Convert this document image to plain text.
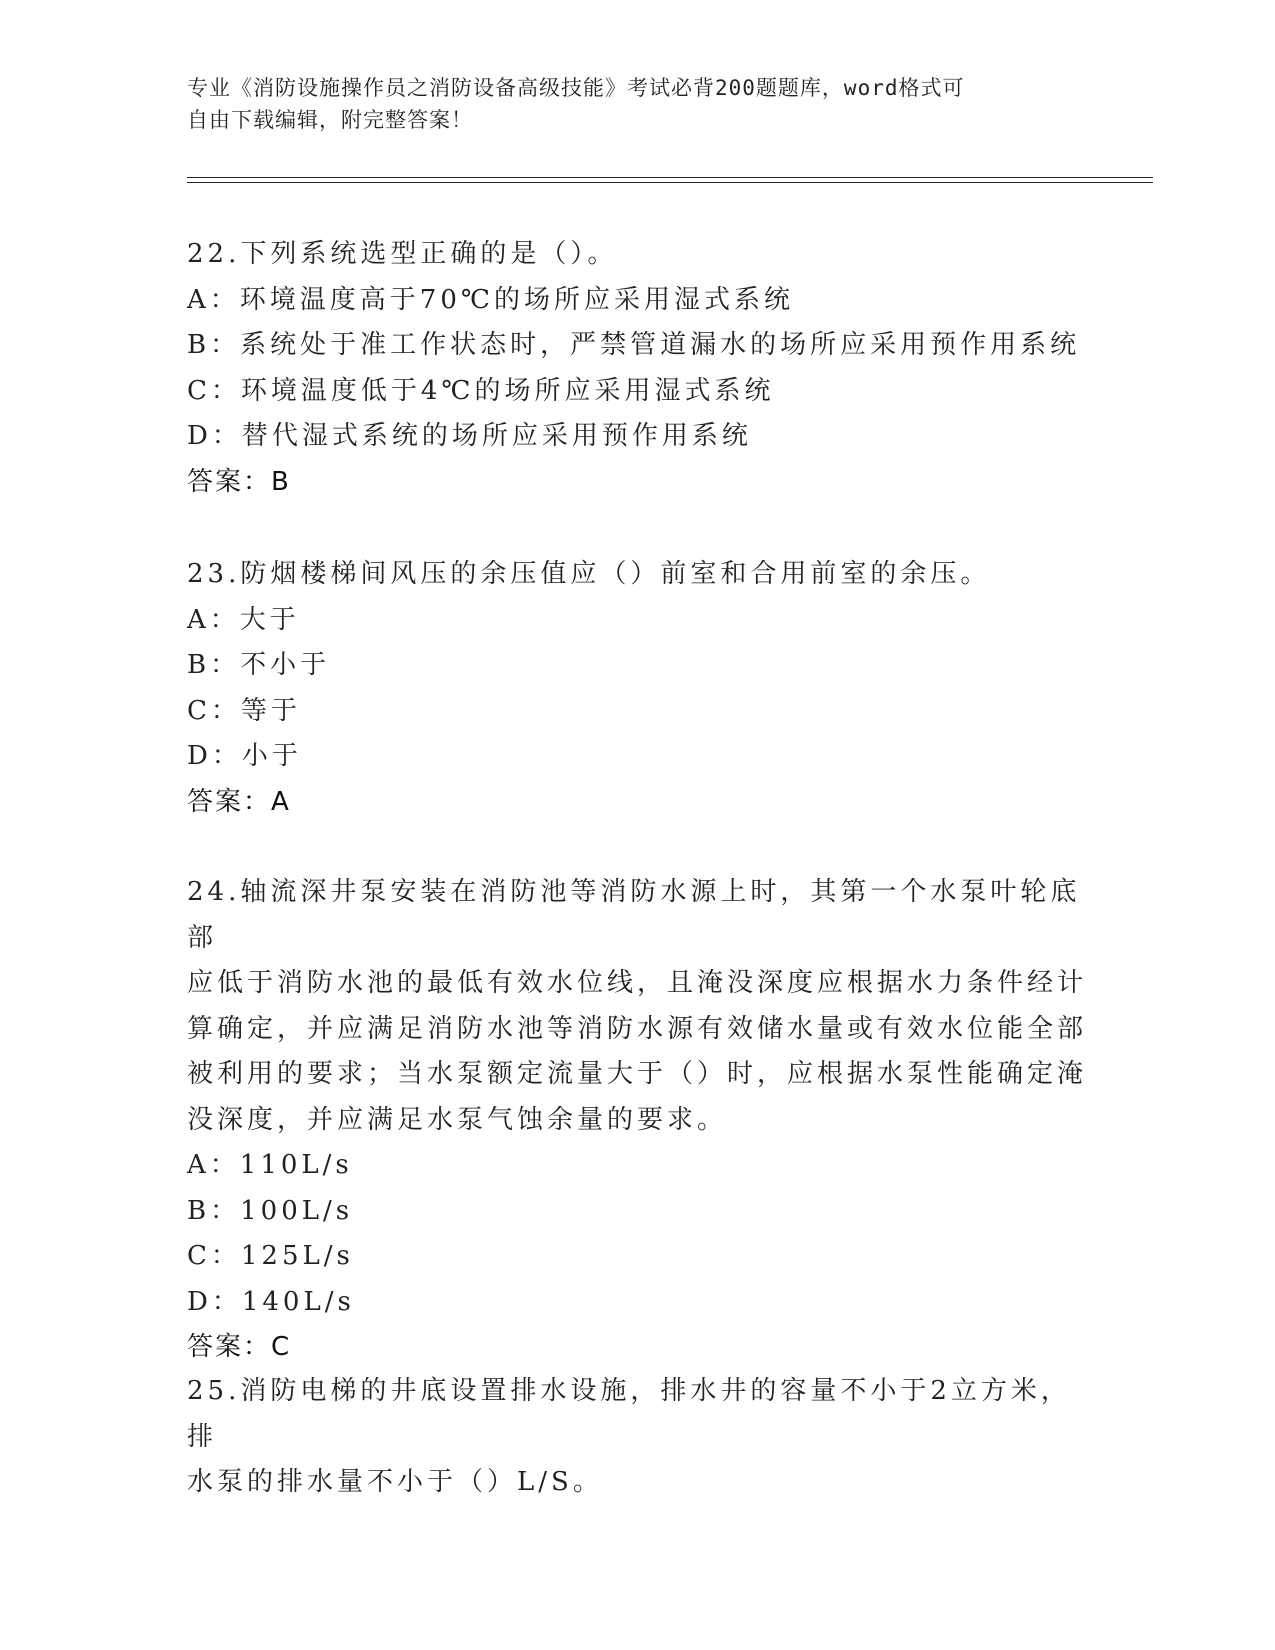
专业《消防设施操作员之消防设备高级技能》考试必背200题题库，word格式可
自由下载编辑，附完整答案！

22.下列系统选型正确的是（）。

A：环境温度高于70℃的场所应采用湿式系统

B：系统处于准工作状态时，严禁管道漏水的场所应采用预作用系统

C：环境温度低于4℃的场所应采用湿式系统

D：替代湿式系统的场所应采用预作用系统

答案：B

23.防烟楼梯间风压的余压值应（）前室和合用前室的余压。

A：大于

B：不小于

C：等于

D：小于

答案：A

24.轴流深井泵安装在消防池等消防水源上时，其第一个水泵叶轮底部

应低于消防水池的最低有效水位线，且淹没深度应根据水力条件经计

算确定，并应满足消防水池等消防水源有效储水量或有效水位能全部

被利用的要求；当水泵额定流量大于（）时，应根据水泵性能确定淹

没深度，并应满足水泵气蚀余量的要求。

A：110L/s

B：100L/s

C：125L/s

D：140L/s

答案：C

25.消防电梯的井底设置排水设施，排水井的容量不小于2立方米，排

水泵的排水量不小于（）L/S。
